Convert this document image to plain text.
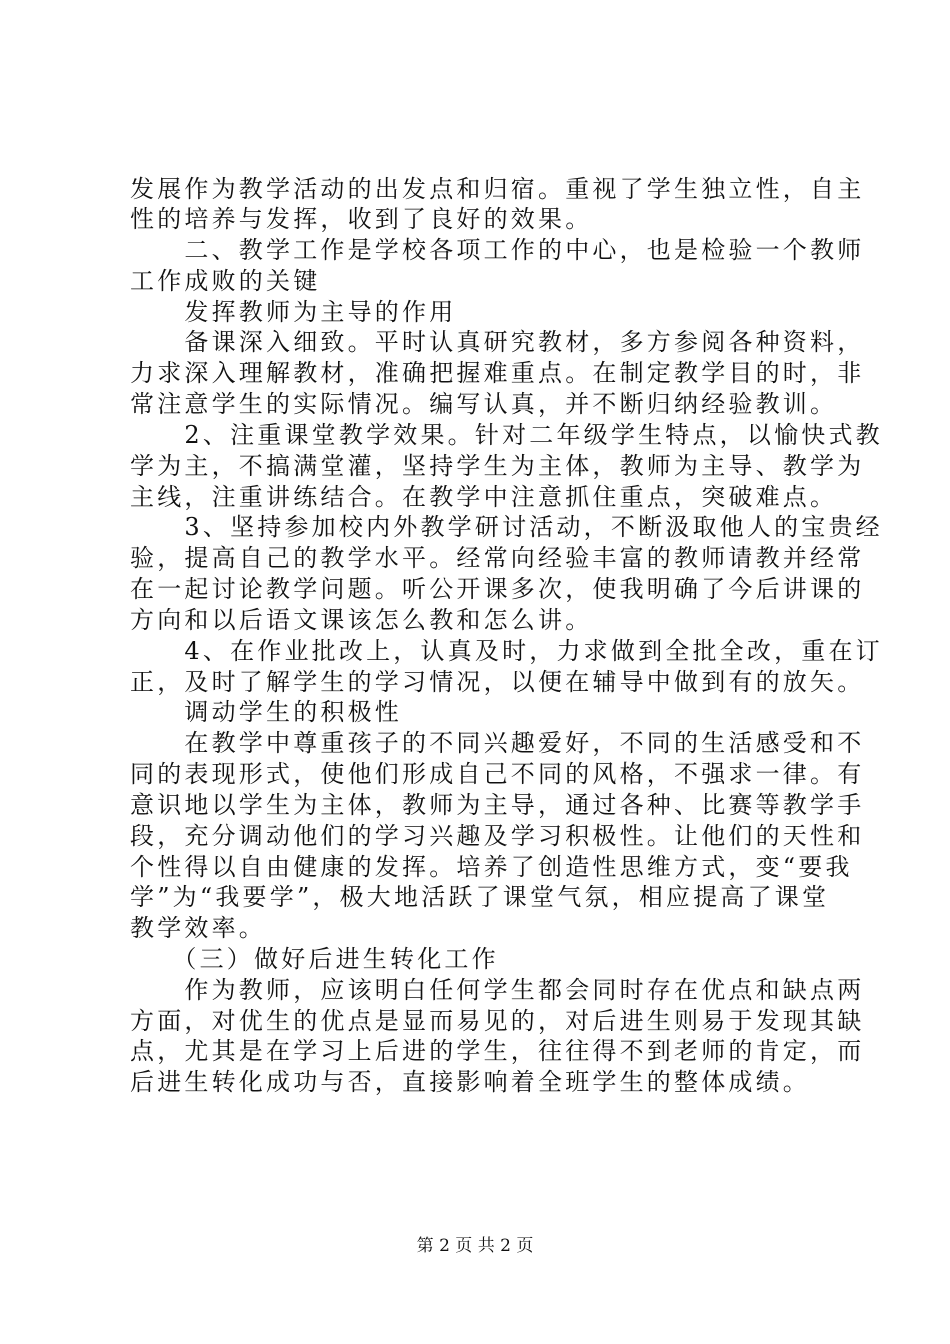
发展作为教学活动的出发点和归宿。重视了学生独立性，自主
性的培养与发挥，收到了良好的效果。
　　二、教学工作是学校各项工作的中心，也是检验一个教师
工作成败的关键
　　发挥教师为主导的作用
　　备课深入细致。平时认真研究教材，多方参阅各种资料，
力求深入理解教材，准确把握难重点。在制定教学目的时，非
常注意学生的实际情况。编写认真，并不断归纳经验教训。
　　2、注重课堂教学效果。针对二年级学生特点，以愉快式教
学为主，不搞满堂灌，坚持学生为主体，教师为主导、教学为
主线，注重讲练结合。在教学中注意抓住重点，突破难点。
　　3、坚持参加校内外教学研讨活动，不断汲取他人的宝贵经
验，提高自己的教学水平。经常向经验丰富的教师请教并经常
在一起讨论教学问题。听公开课多次，使我明确了今后讲课的
方向和以后语文课该怎么教和怎么讲。
　　4、在作业批改上，认真及时，力求做到全批全改，重在订
正，及时了解学生的学习情况，以便在辅导中做到有的放矢。
　　调动学生的积极性
　　在教学中尊重孩子的不同兴趣爱好，不同的生活感受和不
同的表现形式，使他们形成自己不同的风格，不强求一律。有
意识地以学生为主体，教师为主导，通过各种、比赛等教学手
段，充分调动他们的学习兴趣及学习积极性。让他们的天性和
个性得以自由健康的发挥。培养了创造性思维方式，变“要我
学”为“我要学”，极大地活跃了课堂气氛，相应提高了课堂
教学效率。
　　（三）做好后进生转化工作
　　作为教师，应该明白任何学生都会同时存在优点和缺点两
方面，对优生的优点是显而易见的，对后进生则易于发现其缺
点，尤其是在学习上后进的学生，往往得不到老师的肯定，而
后进生转化成功与否，直接影响着全班学生的整体成绩。
第 2 页 共 2 页
